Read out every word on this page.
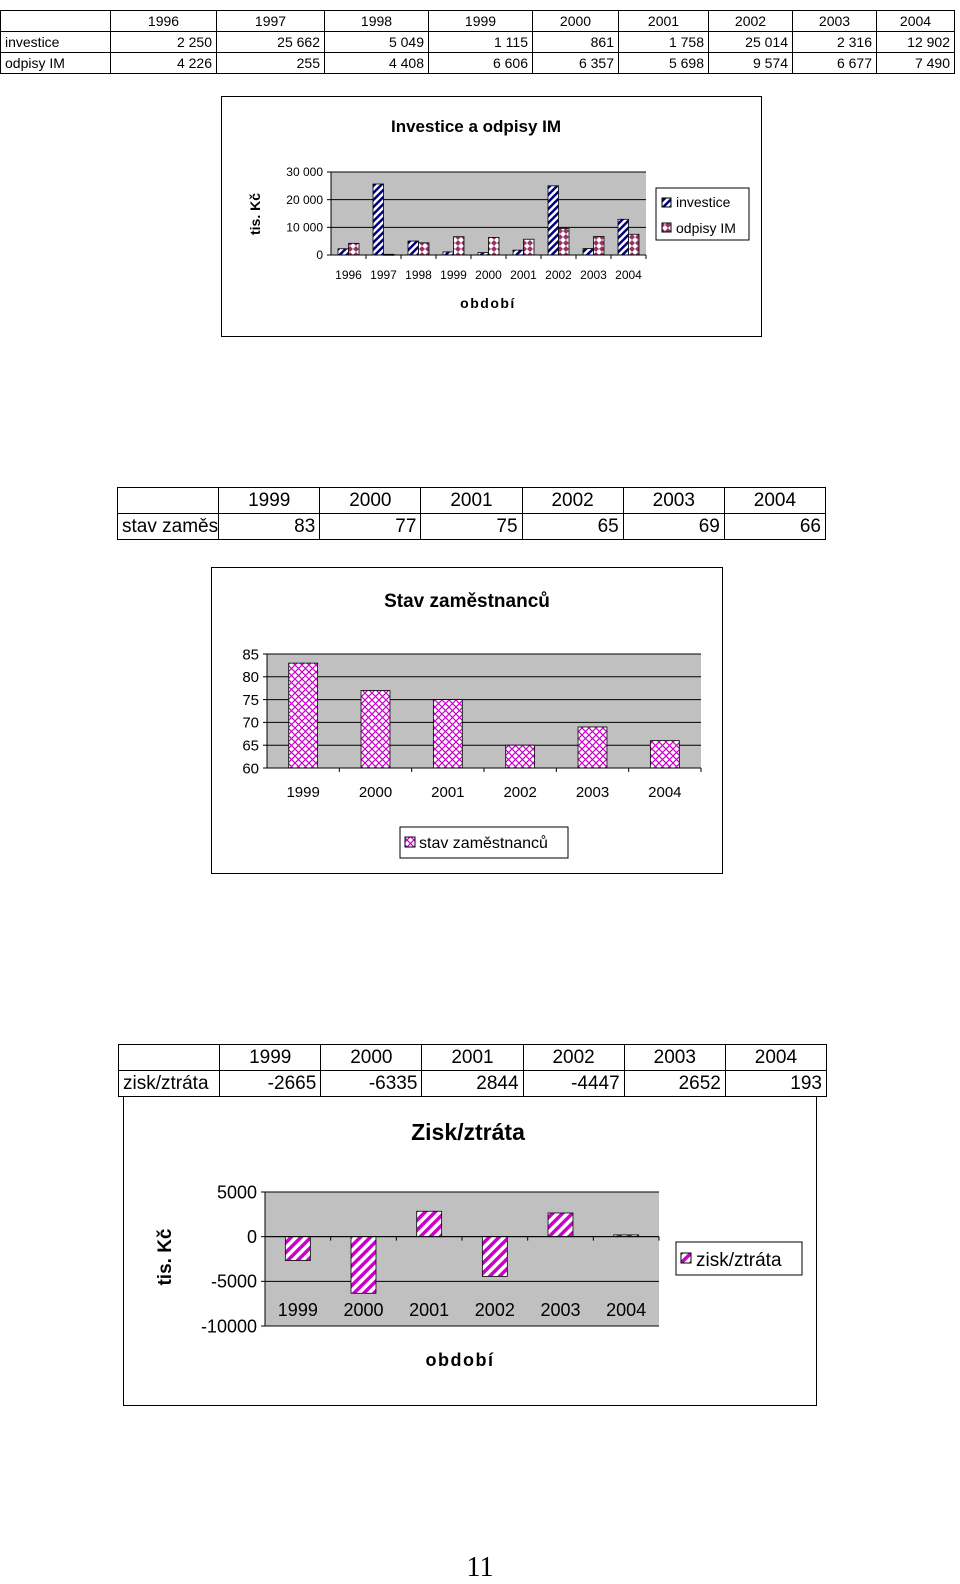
	1996	1997	1998	1999	2000	2001	2002	2003	2004
investice	2 250	25 662	5 049	1 115	861	1 758	25 014	2 316	12 902
odpisy IM	4 226	255	4 408	6 606	6 357	5 698	9 574	6 677	7 490
Investice a odpisy IM
0
10 000
20 000
30 000
1996 1997 1998 1999 2000 2001 2002 2003 2004
tis. Kč
období
investice
odpisy IM
	1999	2000	2001	2002	2003	2004
stav zaměs	83	77	75	65	69	66
Stav zaměstnanců
60
65
70
75
80
85
1999	2000	2001	2002	2003	2004
stav zaměstnanců
	1999	2000	2001	2002	2003	2004
zisk/ztráta	-2665	-6335	2844	-4447	2652	193
Zisk/ztráta
-10000
-5000
0
5000
1999 2000 2001 2002 2003 2004
tis. Kč
období
zisk/ztráta
11
